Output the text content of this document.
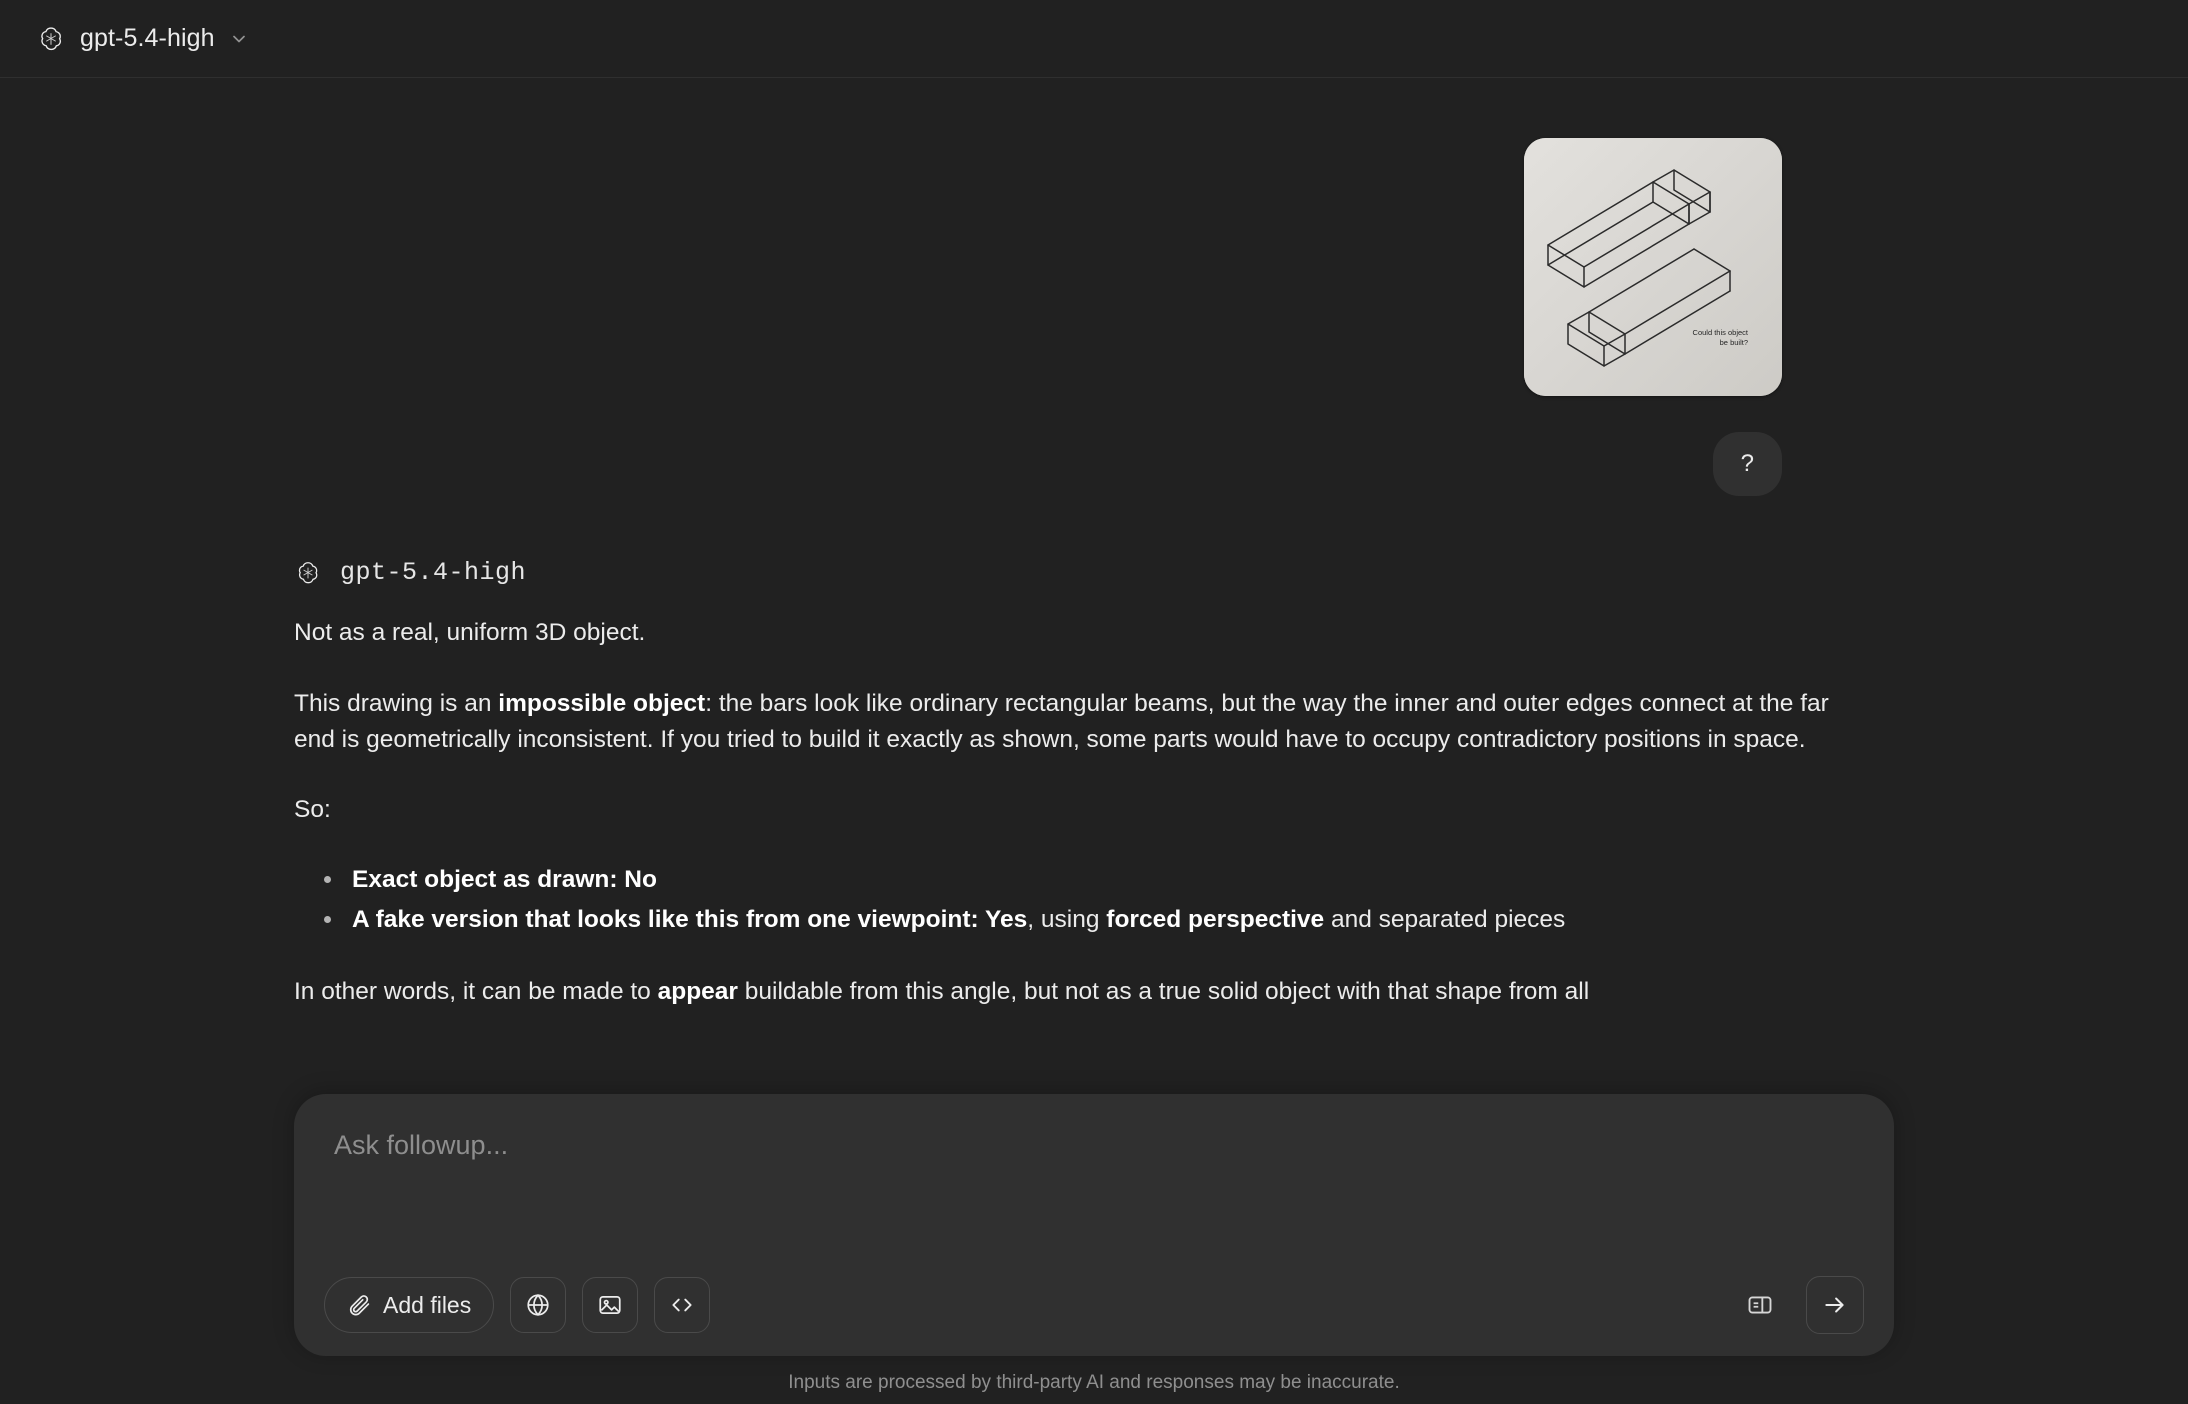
gpt-5.4-high
Could this object
be built?
?
gpt-5.4-high

Not as a real, uniform 3D object.

This drawing is an impossible object: the bars look like ordinary rectangular beams, but the way the inner and outer edges connect at the far end is geometrically inconsistent. If you tried to build it exactly as shown, some parts would have to occupy contradictory positions in space.

So:

Exact object as drawn: No
A fake version that looks like this from one viewpoint: Yes, using forced perspective and separated pieces
In other words, it can be made to appear buildable from this angle, but not as a true solid object with that shape from all
Ask followup...
Add files
Inputs are processed by third-party AI and responses may be inaccurate.
